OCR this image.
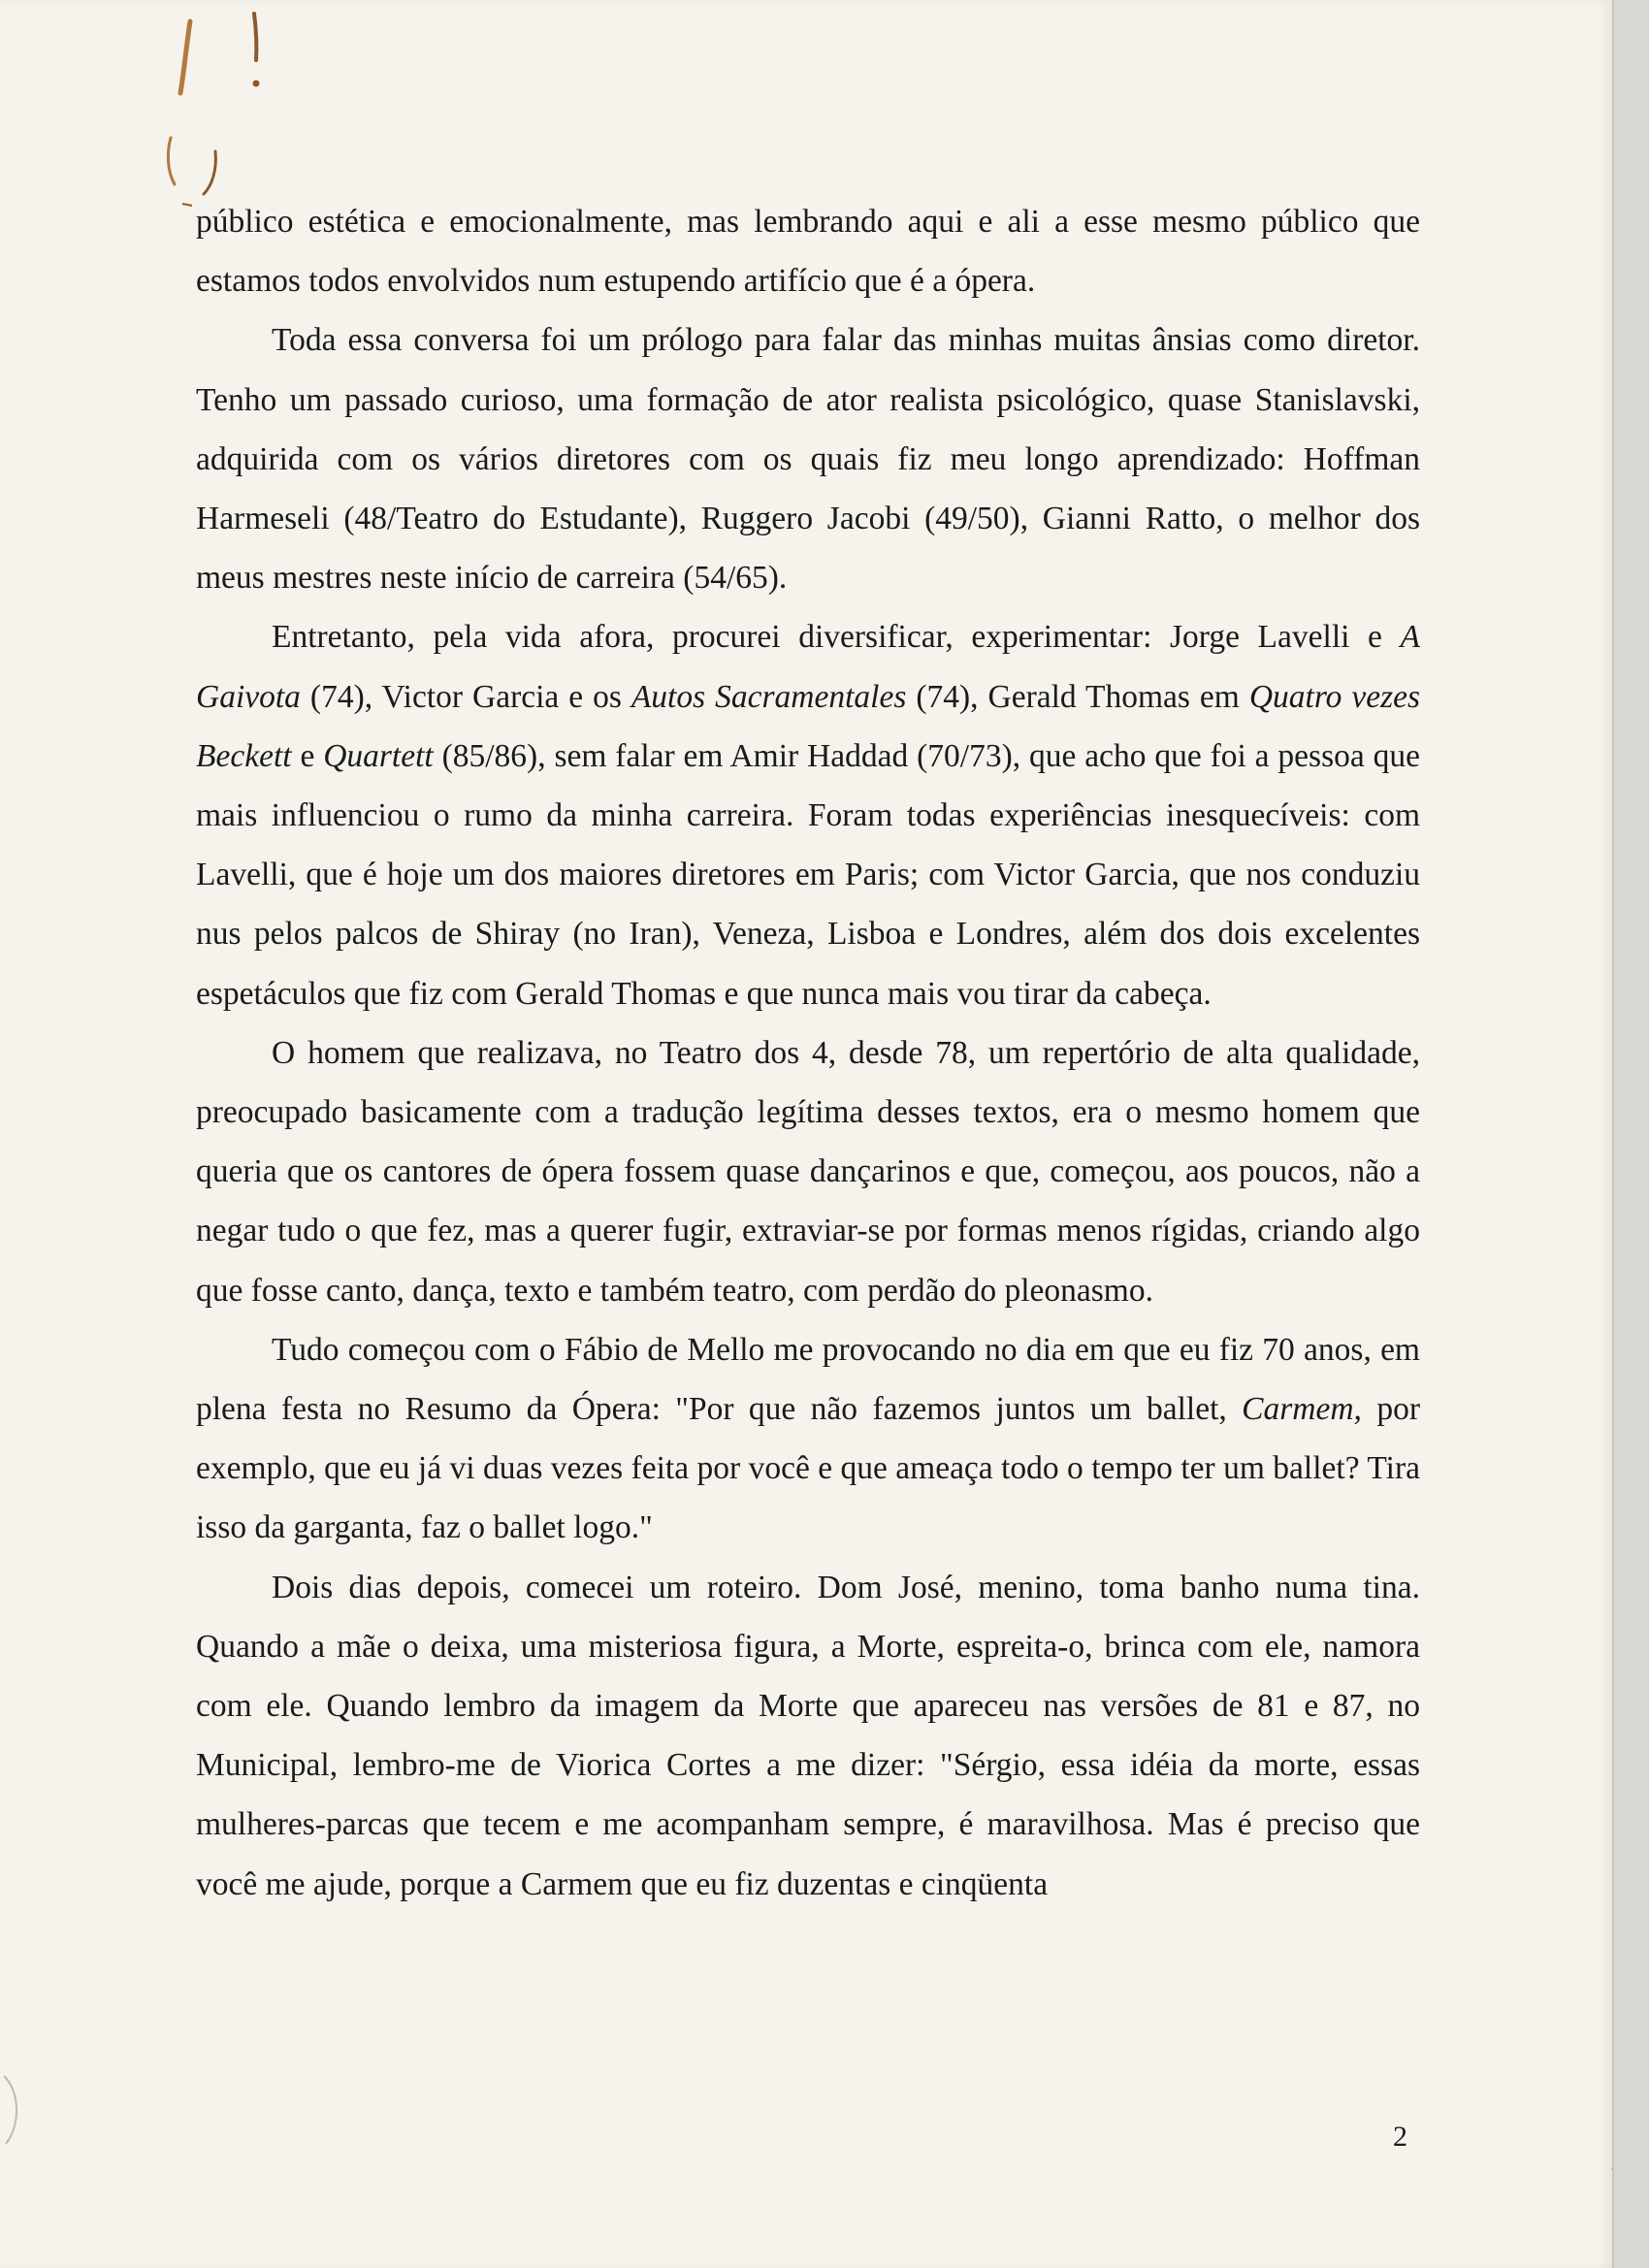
público estética e emocionalmente, mas lembrando aqui e ali a esse mesmo público que estamos todos envolvidos num estupendo artifício que é a ópera.

Toda essa conversa foi um prólogo para falar das minhas muitas ânsias como diretor. Tenho um passado curioso, uma formação de ator realista psicológico, quase Stanislavski, adquirida com os vários diretores com os quais fiz meu longo aprendizado: Hoffman Harmeseli (48/Teatro do Estudante), Ruggero Jacobi (49/50), Gianni Ratto, o melhor dos meus mestres neste início de carreira (54/65).

Entretanto, pela vida afora, procurei diversificar, experimentar: Jorge Lavelli e A Gaivota (74), Victor Garcia e os Autos Sacramentales (74), Gerald Thomas em Quatro vezes Beckett e Quartett (85/86), sem falar em Amir Haddad (70/73), que acho que foi a pessoa que mais influenciou o rumo da minha carreira. Foram todas experiências inesquecíveis: com Lavelli, que é hoje um dos maiores diretores em Paris; com Victor Garcia, que nos conduziu nus pelos palcos de Shiray (no Iran), Veneza, Lisboa e Londres, além dos dois excelentes espetáculos que fiz com Gerald Thomas e que nunca mais vou tirar da cabeça.

O homem que realizava, no Teatro dos 4, desde 78, um repertório de alta qualidade, preocupado basicamente com a tradução legítima desses textos, era o mesmo homem que queria que os cantores de ópera fossem quase dançarinos e que, começou, aos poucos, não a negar tudo o que fez, mas a querer fugir, extraviar-se por formas menos rígidas, criando algo que fosse canto, dança, texto e também teatro, com perdão do pleonasmo.

Tudo começou com o Fábio de Mello me provocando no dia em que eu fiz 70 anos, em plena festa no Resumo da Ópera: "Por que não fazemos juntos um ballet, Carmem, por exemplo, que eu já vi duas vezes feita por você e que ameaça todo o tempo ter um ballet? Tira isso da garganta, faz o ballet logo."

Dois dias depois, comecei um roteiro. Dom José, menino, toma banho numa tina. Quando a mãe o deixa, uma misteriosa figura, a Morte, espreita-o, brinca com ele, namora com ele. Quando lembro da imagem da Morte que apareceu nas versões de 81 e 87, no Municipal, lembro-me de Viorica Cortes a me dizer: "Sérgio, essa idéia da morte, essas mulheres-parcas que tecem e me acompanham sempre, é maravilhosa. Mas é preciso que você me ajude, porque a Carmem que eu fiz duzentas e cinqüenta

2
